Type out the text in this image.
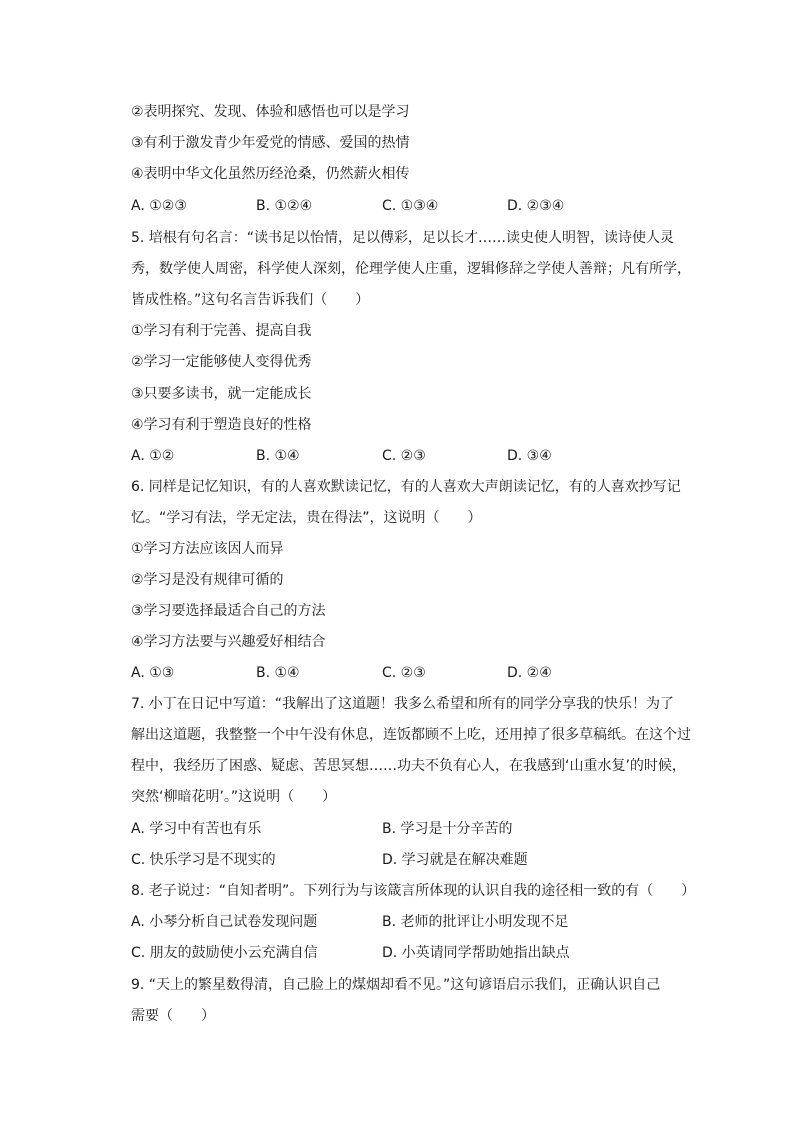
②表明探究、发现、体验和感悟也可以是学习
③有利于激发青少年爱党的情感、爱国的热情
④表明中华文化虽然历经沧桑，仍然薪火相传
A. ①②③	B. ①②④	C. ①③④	D. ②③④
5. 培根有句名言：“读书足以怡情，足以傅彩，足以长才……读史使人明智，读诗使人灵
秀，数学使人周密，科学使人深刻，伦理学使人庄重，逻辑修辞之学使人善辩；凡有所学，
皆成性格。”这句名言告诉我们（　　）
①学习有利于完善、提高自我
②学习一定能够使人变得优秀
③只要多读书，就一定能成长
④学习有利于塑造良好的性格
A. ①②	B. ①④	C. ②③	D. ③④
6. 同样是记忆知识，有的人喜欢默读记忆，有的人喜欢大声朗读记忆，有的人喜欢抄写记
忆。“学习有法，学无定法，贵在得法”，这说明（　　）
①学习方法应该因人而异
②学习是没有规律可循的
③学习要选择最适合自己的方法
④学习方法要与兴趣爱好相结合
A. ①③	B. ①④	C. ②③	D. ②④
7. 小丁在日记中写道：“我解出了这道题！我多么希望和所有的同学分享我的快乐！为了
解出这道题，我整整一个中午没有休息，连饭都顾不上吃，还用掉了很多草稿纸。在这个过
程中，我经历了困惑、疑虑、苦思冥想……功夫不负有心人，在我感到‘山重水复’的时候，
突然‘柳暗花明’。”这说明（　　）
A. 学习中有苦也有乐	B. 学习是十分辛苦的
C. 快乐学习是不现实的	D. 学习就是在解决难题
8. 老子说过：“自知者明”。下列行为与该箴言所体现的认识自我的途径相一致的有（　　）
A. 小琴分析自己试卷发现问题	B. 老师的批评让小明发现不足
C. 朋友的鼓励使小云充满自信	D. 小英请同学帮助她指出缺点
9. “天上的繁星数得清，自己脸上的煤烟却看不见。”这句谚语启示我们，正确认识自己
需要（　　）
